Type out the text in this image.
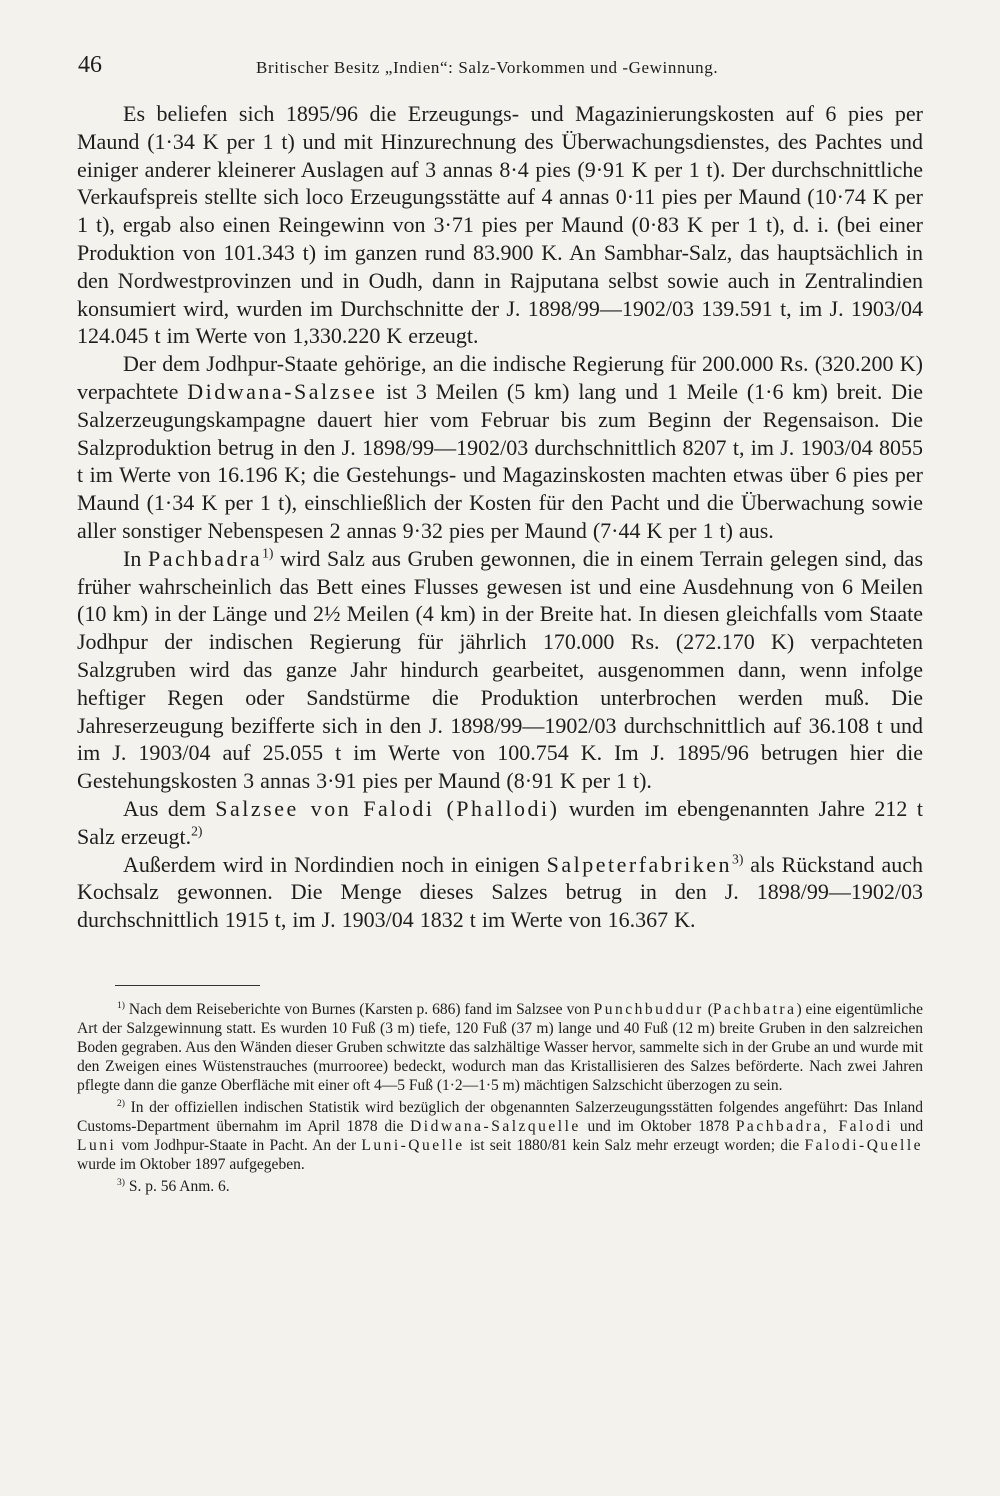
46	Britischer Besitz „Indien“: Salz-Vorkommen und -Gewinnung.

Es beliefen sich 1895/96 die Erzeugungs- und Magazinierungskosten auf 6 pies per Maund (1·34 K per 1 t) und mit Hinzurechnung des Überwachungsdienstes, des Pachtes und einiger anderer kleinerer Auslagen auf 3 annas 8·4 pies (9·91 K per 1 t). Der durchschnittliche Verkaufspreis stellte sich loco Erzeugungsstätte auf 4 annas 0·11 pies per Maund (10·74 K per 1 t), ergab also einen Reingewinn von 3·71 pies per Maund (0·83 K per 1 t), d. i. (bei einer Produktion von 101.343 t) im ganzen rund 83.900 K. An Sambhar-Salz, das hauptsächlich in den Nordwestprovinzen und in Oudh, dann in Rajputana selbst sowie auch in Zentralindien konsumiert wird, wurden im Durchschnitte der J. 1898/99—1902/03 139.591 t, im J. 1903/04 124.045 t im Werte von 1,330.220 K erzeugt.

Der dem Jodhpur-Staate gehörige, an die indische Regierung für 200.000 Rs. (320.200 K) verpachtete Didwana-Salzsee ist 3 Meilen (5 km) lang und 1 Meile (1·6 km) breit. Die Salzerzeugungskampagne dauert hier vom Februar bis zum Beginn der Regensaison. Die Salzproduktion betrug in den J. 1898/99—1902/03 durchschnittlich 8207 t, im J. 1903/04 8055 t im Werte von 16.196 K; die Gestehungs- und Magazinskosten machten etwas über 6 pies per Maund (1·34 K per 1 t), einschließlich der Kosten für den Pacht und die Überwachung sowie aller sonstiger Nebenspesen 2 annas 9·32 pies per Maund (7·44 K per 1 t) aus.

In Pachbadra$^{1)}$ wird Salz aus Gruben gewonnen, die in einem Terrain gelegen sind, das früher wahrscheinlich das Bett eines Flusses gewesen ist und eine Ausdehnung von 6 Meilen (10 km) in der Länge und 2½ Meilen (4 km) in der Breite hat. In diesen gleichfalls vom Staate Jodhpur der indischen Regierung für jährlich 170.000 Rs. (272.170 K) verpachteten Salzgruben wird das ganze Jahr hindurch gearbeitet, ausgenommen dann, wenn infolge heftiger Regen oder Sandstürme die Produktion unterbrochen werden muß. Die Jahreserzeugung bezifferte sich in den J. 1898/99—1902/03 durchschnittlich auf 36.108 t und im J. 1903/04 auf 25.055 t im Werte von 100.754 K. Im J. 1895/96 betrugen hier die Gestehungskosten 3 annas 3·91 pies per Maund (8·91 K per 1 t).

Aus dem Salzsee von Falodi (Phallodi) wurden im ebengenannten Jahre 212 t Salz erzeugt.$^{2)}$

Außerdem wird in Nordindien noch in einigen Salpeterfabriken$^{3)}$ als Rückstand auch Kochsalz gewonnen. Die Menge dieses Salzes betrug in den J. 1898/99—1902/03 durchschnittlich 1915 t, im J. 1903/04 1832 t im Werte von 16.367 K.

$^{1)}$ Nach dem Reiseberichte von Burnes (Karsten p. 686) fand im Salzsee von Punchbuddur (Pachbatra) eine eigentümliche Art der Salzgewinnung statt. Es wurden 10 Fuß (3 m) tiefe, 120 Fuß (37 m) lange und 40 Fuß (12 m) breite Gruben in den salzreichen Boden gegraben. Aus den Wänden dieser Gruben schwitzte das salzhältige Wasser hervor, sammelte sich in der Grube an und wurde mit den Zweigen eines Wüstenstrauches (murrooree) bedeckt, wodurch man das Kristallisieren des Salzes beförderte. Nach zwei Jahren pflegte dann die ganze Oberfläche mit einer oft 4—5 Fuß (1·2—1·5 m) mächtigen Salzschicht überzogen zu sein.

$^{2)}$ In der offiziellen indischen Statistik wird bezüglich der obgenannten Salzerzeugungsstätten folgendes angeführt: Das Inland Customs-Department übernahm im April 1878 die Didwana-Salzquelle und im Oktober 1878 Pachbadra, Falodi und Luni vom Jodhpur-Staate in Pacht. An der Luni-Quelle ist seit 1880/81 kein Salz mehr erzeugt worden; die Falodi-Quelle wurde im Oktober 1897 aufgegeben.

$^{3)}$ S. p. 56 Anm. 6.
